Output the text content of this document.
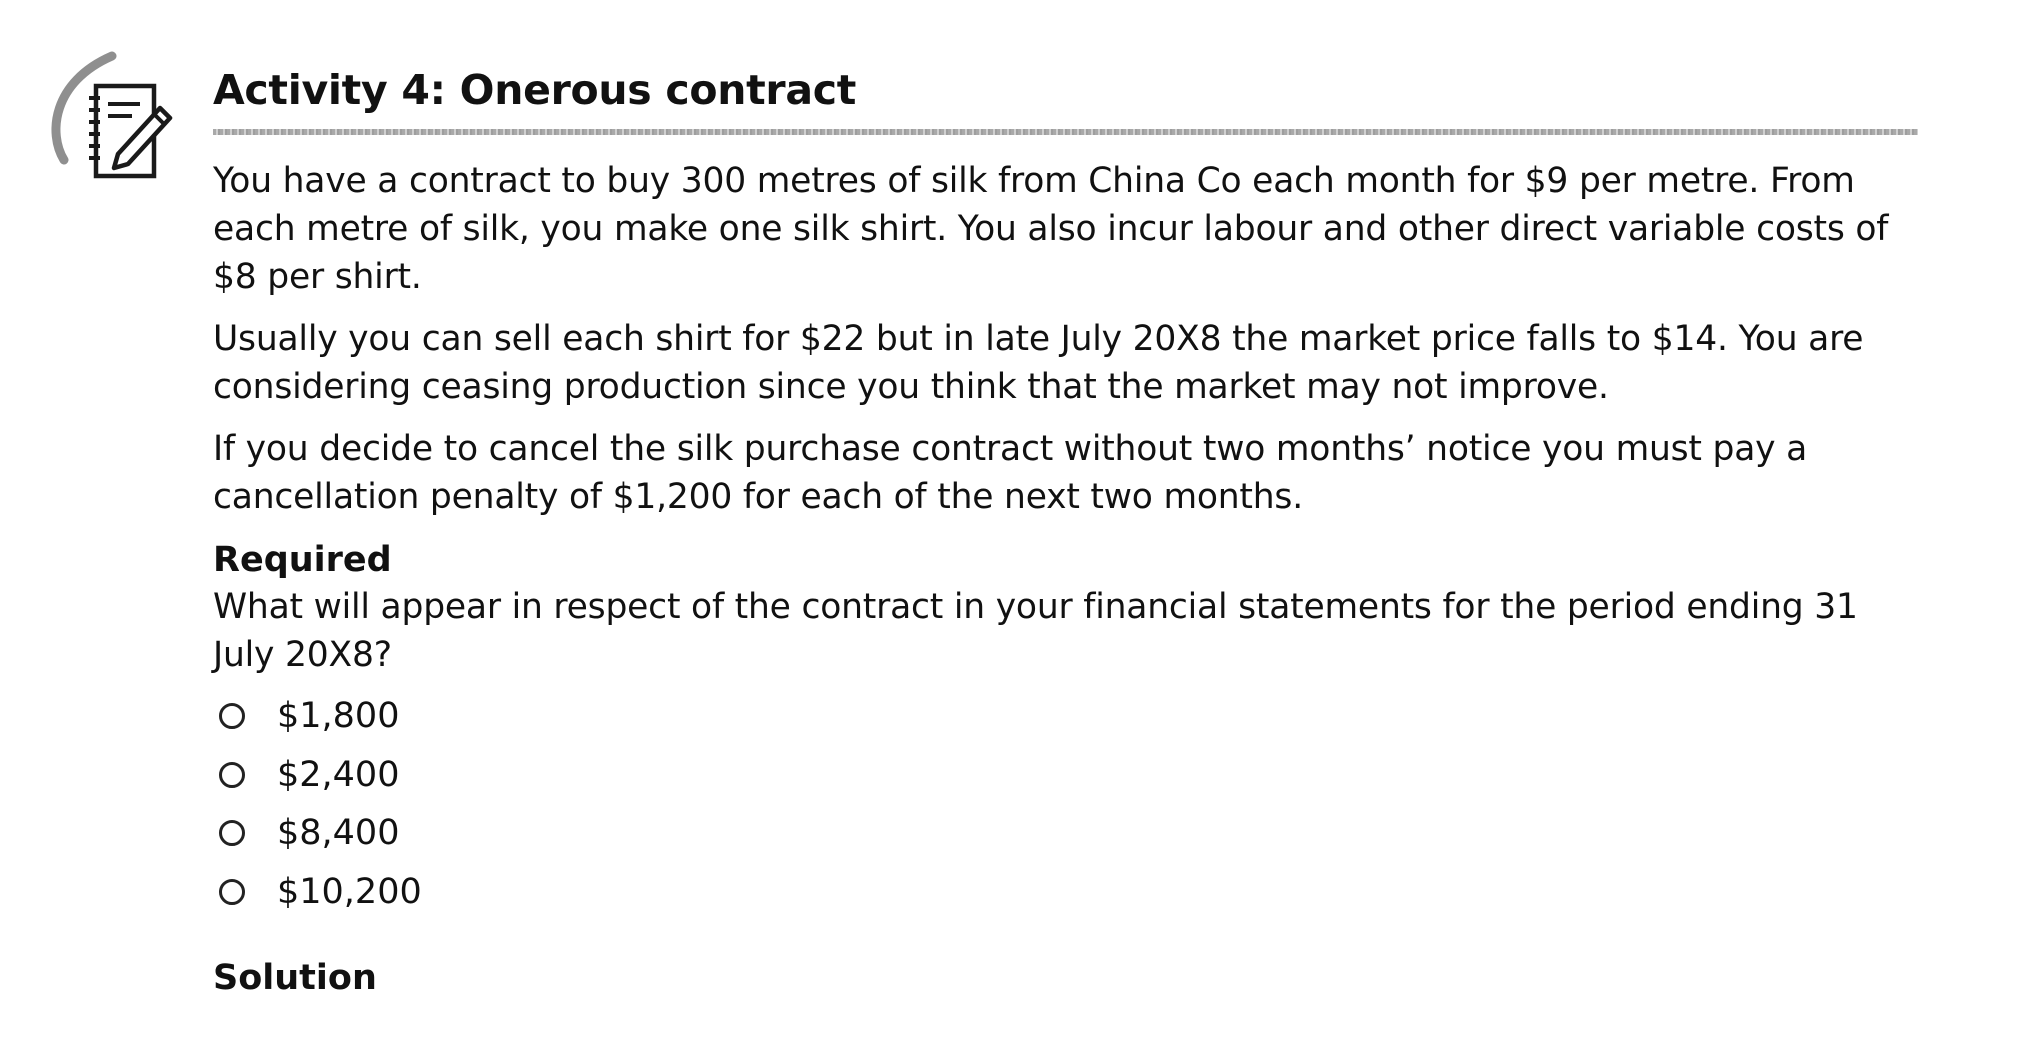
Activity 4: Onerous contract

You have a contract to buy 300 metres of silk from China Co each month for $9 per metre. From each metre of silk, you make one silk shirt. You also incur labour and other direct variable costs of $8 per shirt.

Usually you can sell each shirt for $22 but in late July 20X8 the market price falls to $14. You are considering ceasing production since you think that the market may not improve.

If you decide to cancel the silk purchase contract without two months’ notice you must pay a cancellation penalty of $1,200 for each of the next two months.

Required

What will appear in respect of the contract in your financial statements for the period ending 31 July 20X8?

$1,800
$2,400
$8,400
$10,200

Solution
